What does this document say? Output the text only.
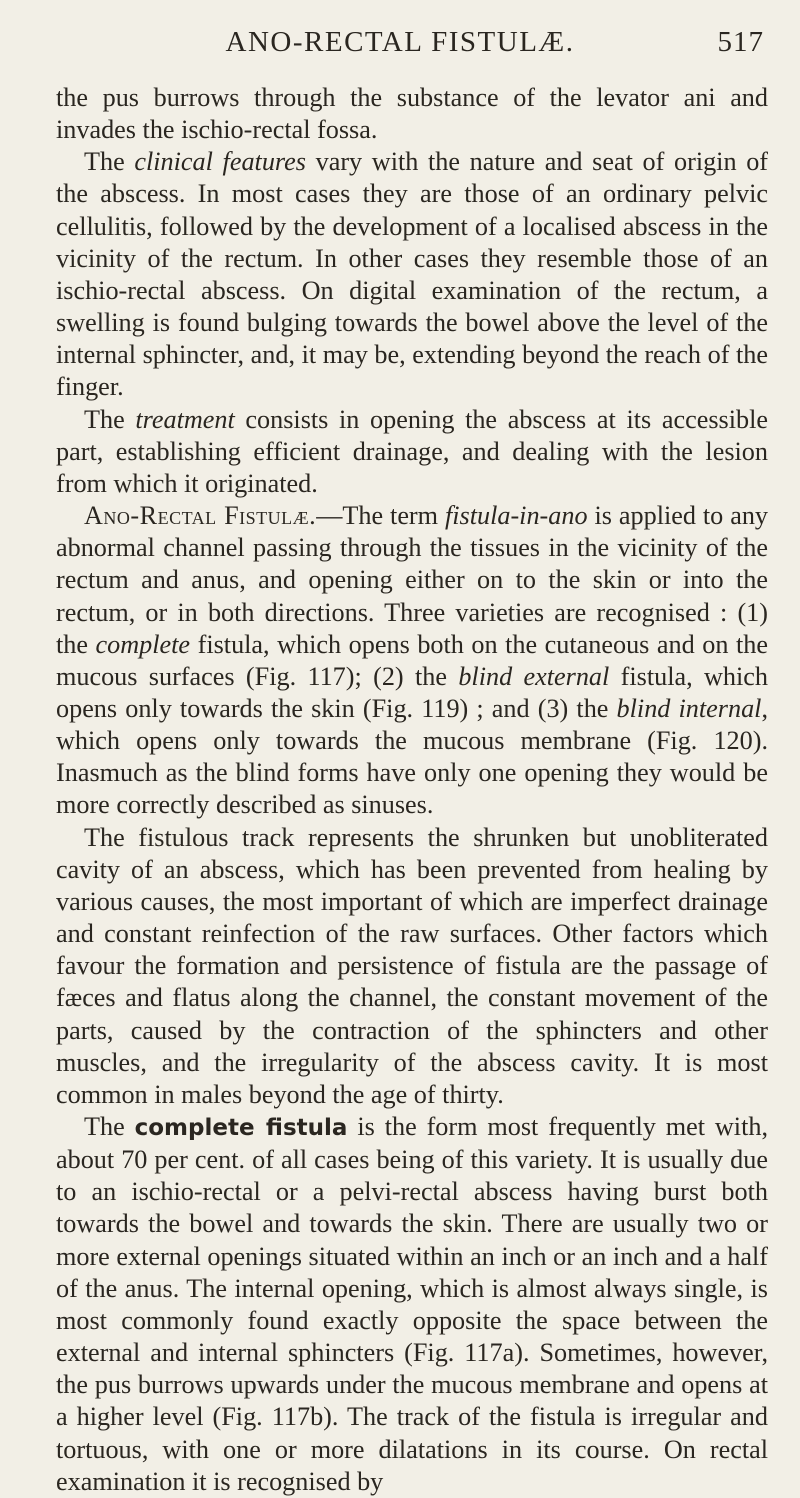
ANO-RECTAL FISTULÆ.	517

the pus burrows through the substance of the levator ani and invades the ischio-rectal fossa.

The clinical features vary with the nature and seat of origin of the abscess. In most cases they are those of an ordinary pelvic cellulitis, followed by the development of a localised abscess in the vicinity of the rectum. In other cases they resemble those of an ischio-rectal abscess. On digital examination of the rectum, a swelling is found bulging towards the bowel above the level of the internal sphincter, and, it may be, extending beyond the reach of the finger.

The treatment consists in opening the abscess at its accessible part, establishing efficient drainage, and dealing with the lesion from which it originated.

Ano-Rectal Fistulæ.—The term fistula-in-ano is applied to any abnormal channel passing through the tissues in the vicinity of the rectum and anus, and opening either on to the skin or into the rectum, or in both directions. Three varieties are recognised : (1) the complete fistula, which opens both on the cutaneous and on the mucous surfaces (Fig. 117); (2) the blind external fistula, which opens only towards the skin (Fig. 119) ; and (3) the blind internal, which opens only towards the mucous membrane (Fig. 120). Inasmuch as the blind forms have only one opening they would be more correctly described as sinuses.

The fistulous track represents the shrunken but unobliterated cavity of an abscess, which has been prevented from healing by various causes, the most important of which are imperfect drainage and constant reinfection of the raw surfaces. Other factors which favour the formation and persistence of fistula are the passage of fæces and flatus along the channel, the constant movement of the parts, caused by the contraction of the sphincters and other muscles, and the irregularity of the abscess cavity. It is most common in males beyond the age of thirty.

The complete fistula is the form most frequently met with, about 70 per cent. of all cases being of this variety. It is usually due to an ischio-rectal or a pelvi-rectal abscess having burst both towards the bowel and towards the skin. There are usually two or more external openings situated within an inch or an inch and a half of the anus. The internal opening, which is almost always single, is most commonly found exactly opposite the space between the external and internal sphincters (Fig. 117a). Sometimes, however, the pus burrows upwards under the mucous membrane and opens at a higher level (Fig. 117b). The track of the fistula is irregular and tortuous, with one or more dilatations in its course. On rectal examination it is recognised by
